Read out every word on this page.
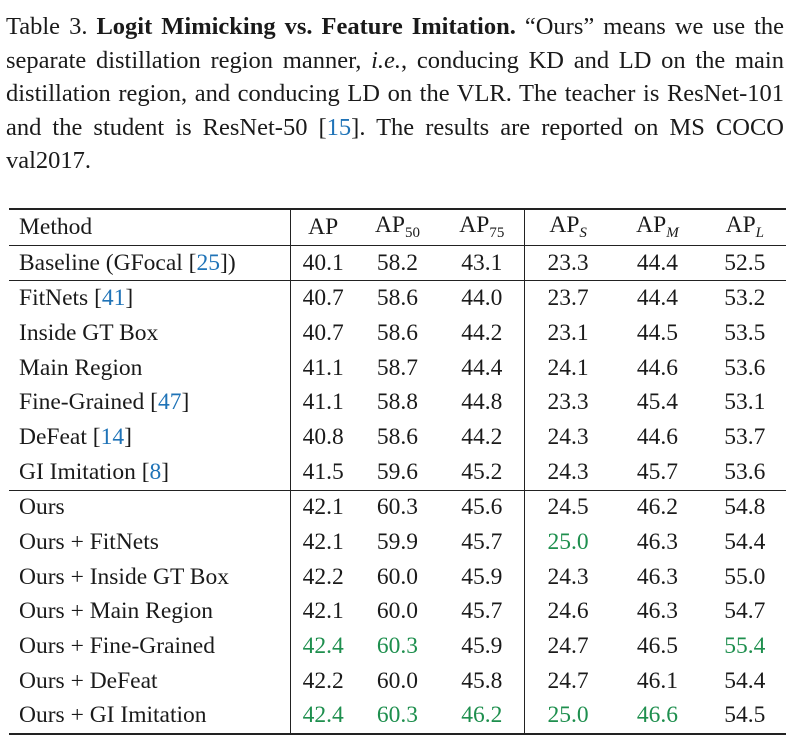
Table 3. Logit Mimicking vs. Feature Imitation. “Ours” means we use the separate distillation region manner, i.e., conducing KD and LD on the main distillation region, and conducing LD on the VLR. The teacher is ResNet-101 and the student is ResNet-50 [15]. The results are reported on MS COCO val2017.
Method	AP	$AP_{50}$	$AP_{75}$	$AP_S$	$AP_M$	$AP_L$
Baseline (GFocal [25])	40.1	58.2	43.1	23.3	44.4	52.5
FitNets [41]	40.7	58.6	44.0	23.7	44.4	53.2
Inside GT Box	40.7	58.6	44.2	23.1	44.5	53.5
Main Region	41.1	58.7	44.4	24.1	44.6	53.6
Fine-Grained [47]	41.1	58.8	44.8	23.3	45.4	53.1
DeFeat [14]	40.8	58.6	44.2	24.3	44.6	53.7
GI Imitation [8]	41.5	59.6	45.2	24.3	45.7	53.6
Ours	42.1	60.3	45.6	24.5	46.2	54.8
Ours + FitNets	42.1	59.9	45.7	25.0	46.3	54.4
Ours + Inside GT Box	42.2	60.0	45.9	24.3	46.3	55.0
Ours + Main Region	42.1	60.0	45.7	24.6	46.3	54.7
Ours + Fine-Grained	42.4	60.3	45.9	24.7	46.5	55.4
Ours + DeFeat	42.2	60.0	45.8	24.7	46.1	54.4
Ours + GI Imitation	42.4	60.3	46.2	25.0	46.6	54.5
